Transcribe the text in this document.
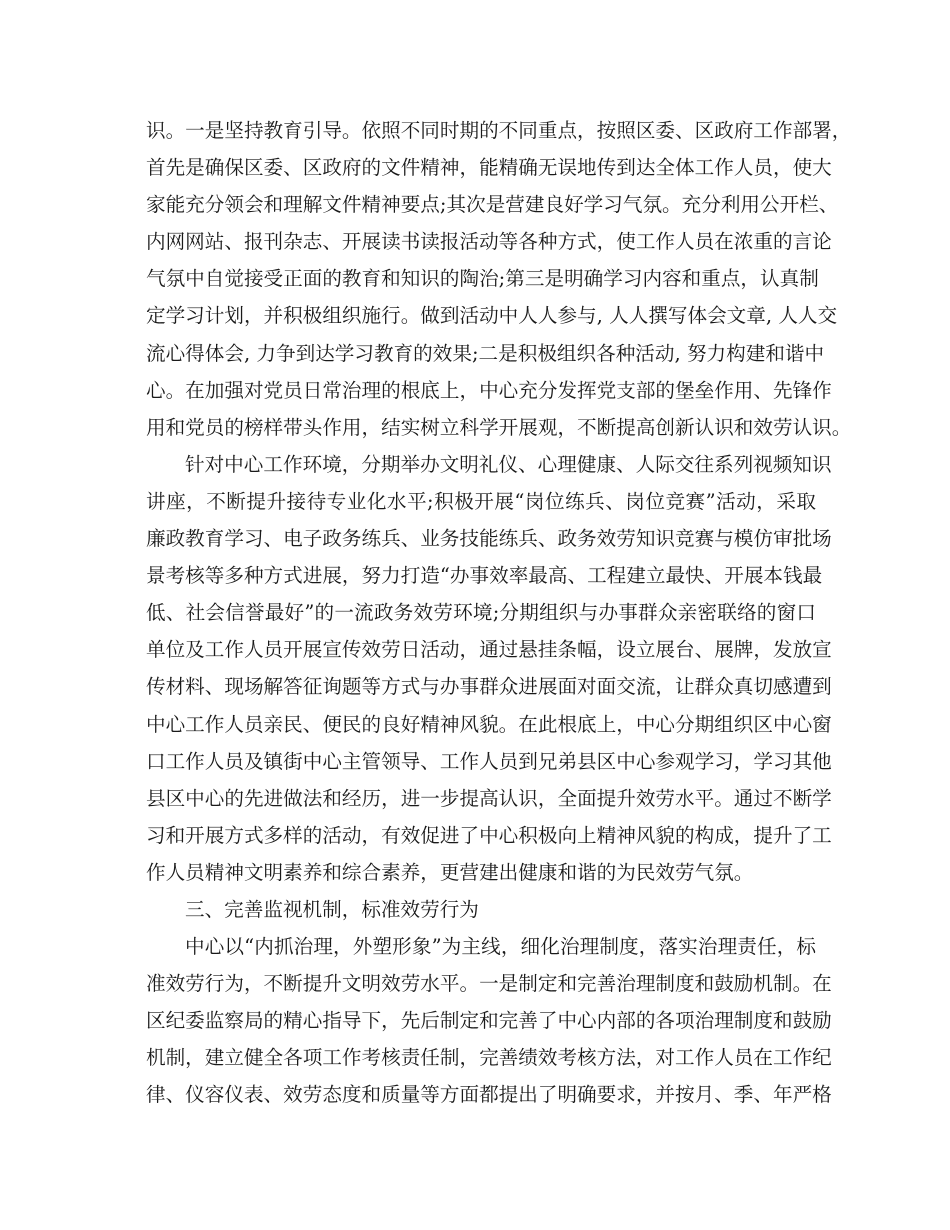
识。一是坚持教育引导。依照不同时期的不同重点，按照区委、区政府工作部署，
首先是确保区委、区政府的文件精神，能精确无误地传到达全体工作人员，使大
家能充分领会和理解文件精神要点;其次是营建良好学习气氛。充分利用公开栏、
内网网站、报刊杂志、开展读书读报活动等各种方式，使工作人员在浓重的言论
气氛中自觉接受正面的教育和知识的陶治;第三是明确学习内容和重点，认真制
定学习计划，并积极组织施行。做到活动中人人参与, 人人撰写体会文章, 人人交
流心得体会, 力争到达学习教育的效果;二是积极组织各种活动, 努力构建和谐中
心。在加强对党员日常治理的根底上，中心充分发挥党支部的堡垒作用、先锋作
用和党员的榜样带头作用，结实树立科学开展观，不断提高创新认识和效劳认识。
针对中心工作环境，分期举办文明礼仪、心理健康、人际交往系列视频知识
讲座，不断提升接待专业化水平;积极开展“岗位练兵、岗位竞赛”活动，采取
廉政教育学习、电子政务练兵、业务技能练兵、政务效劳知识竞赛与模仿审批场
景考核等多种方式进展，努力打造“办事效率最高、工程建立最快、开展本钱最
低、社会信誉最好”的一流政务效劳环境;分期组织与办事群众亲密联络的窗口
单位及工作人员开展宣传效劳日活动，通过悬挂条幅，设立展台、展牌，发放宣
传材料、现场解答征询题等方式与办事群众进展面对面交流，让群众真切感遭到
中心工作人员亲民、便民的良好精神风貌。在此根底上，中心分期组织区中心窗
口工作人员及镇街中心主管领导、工作人员到兄弟县区中心参观学习，学习其他
县区中心的先进做法和经历，进一步提高认识，全面提升效劳水平。通过不断学
习和开展方式多样的活动，有效促进了中心积极向上精神风貌的构成，提升了工
作人员精神文明素养和综合素养，更营建出健康和谐的为民效劳气氛。
三、完善监视机制，标准效劳行为
中心以“内抓治理，外塑形象”为主线，细化治理制度，落实治理责任，标
准效劳行为，不断提升文明效劳水平。一是制定和完善治理制度和鼓励机制。在
区纪委监察局的精心指导下，先后制定和完善了中心内部的各项治理制度和鼓励
机制，建立健全各项工作考核责任制，完善绩效考核方法，对工作人员在工作纪
律、仪容仪表、效劳态度和质量等方面都提出了明确要求，并按月、季、年严格
